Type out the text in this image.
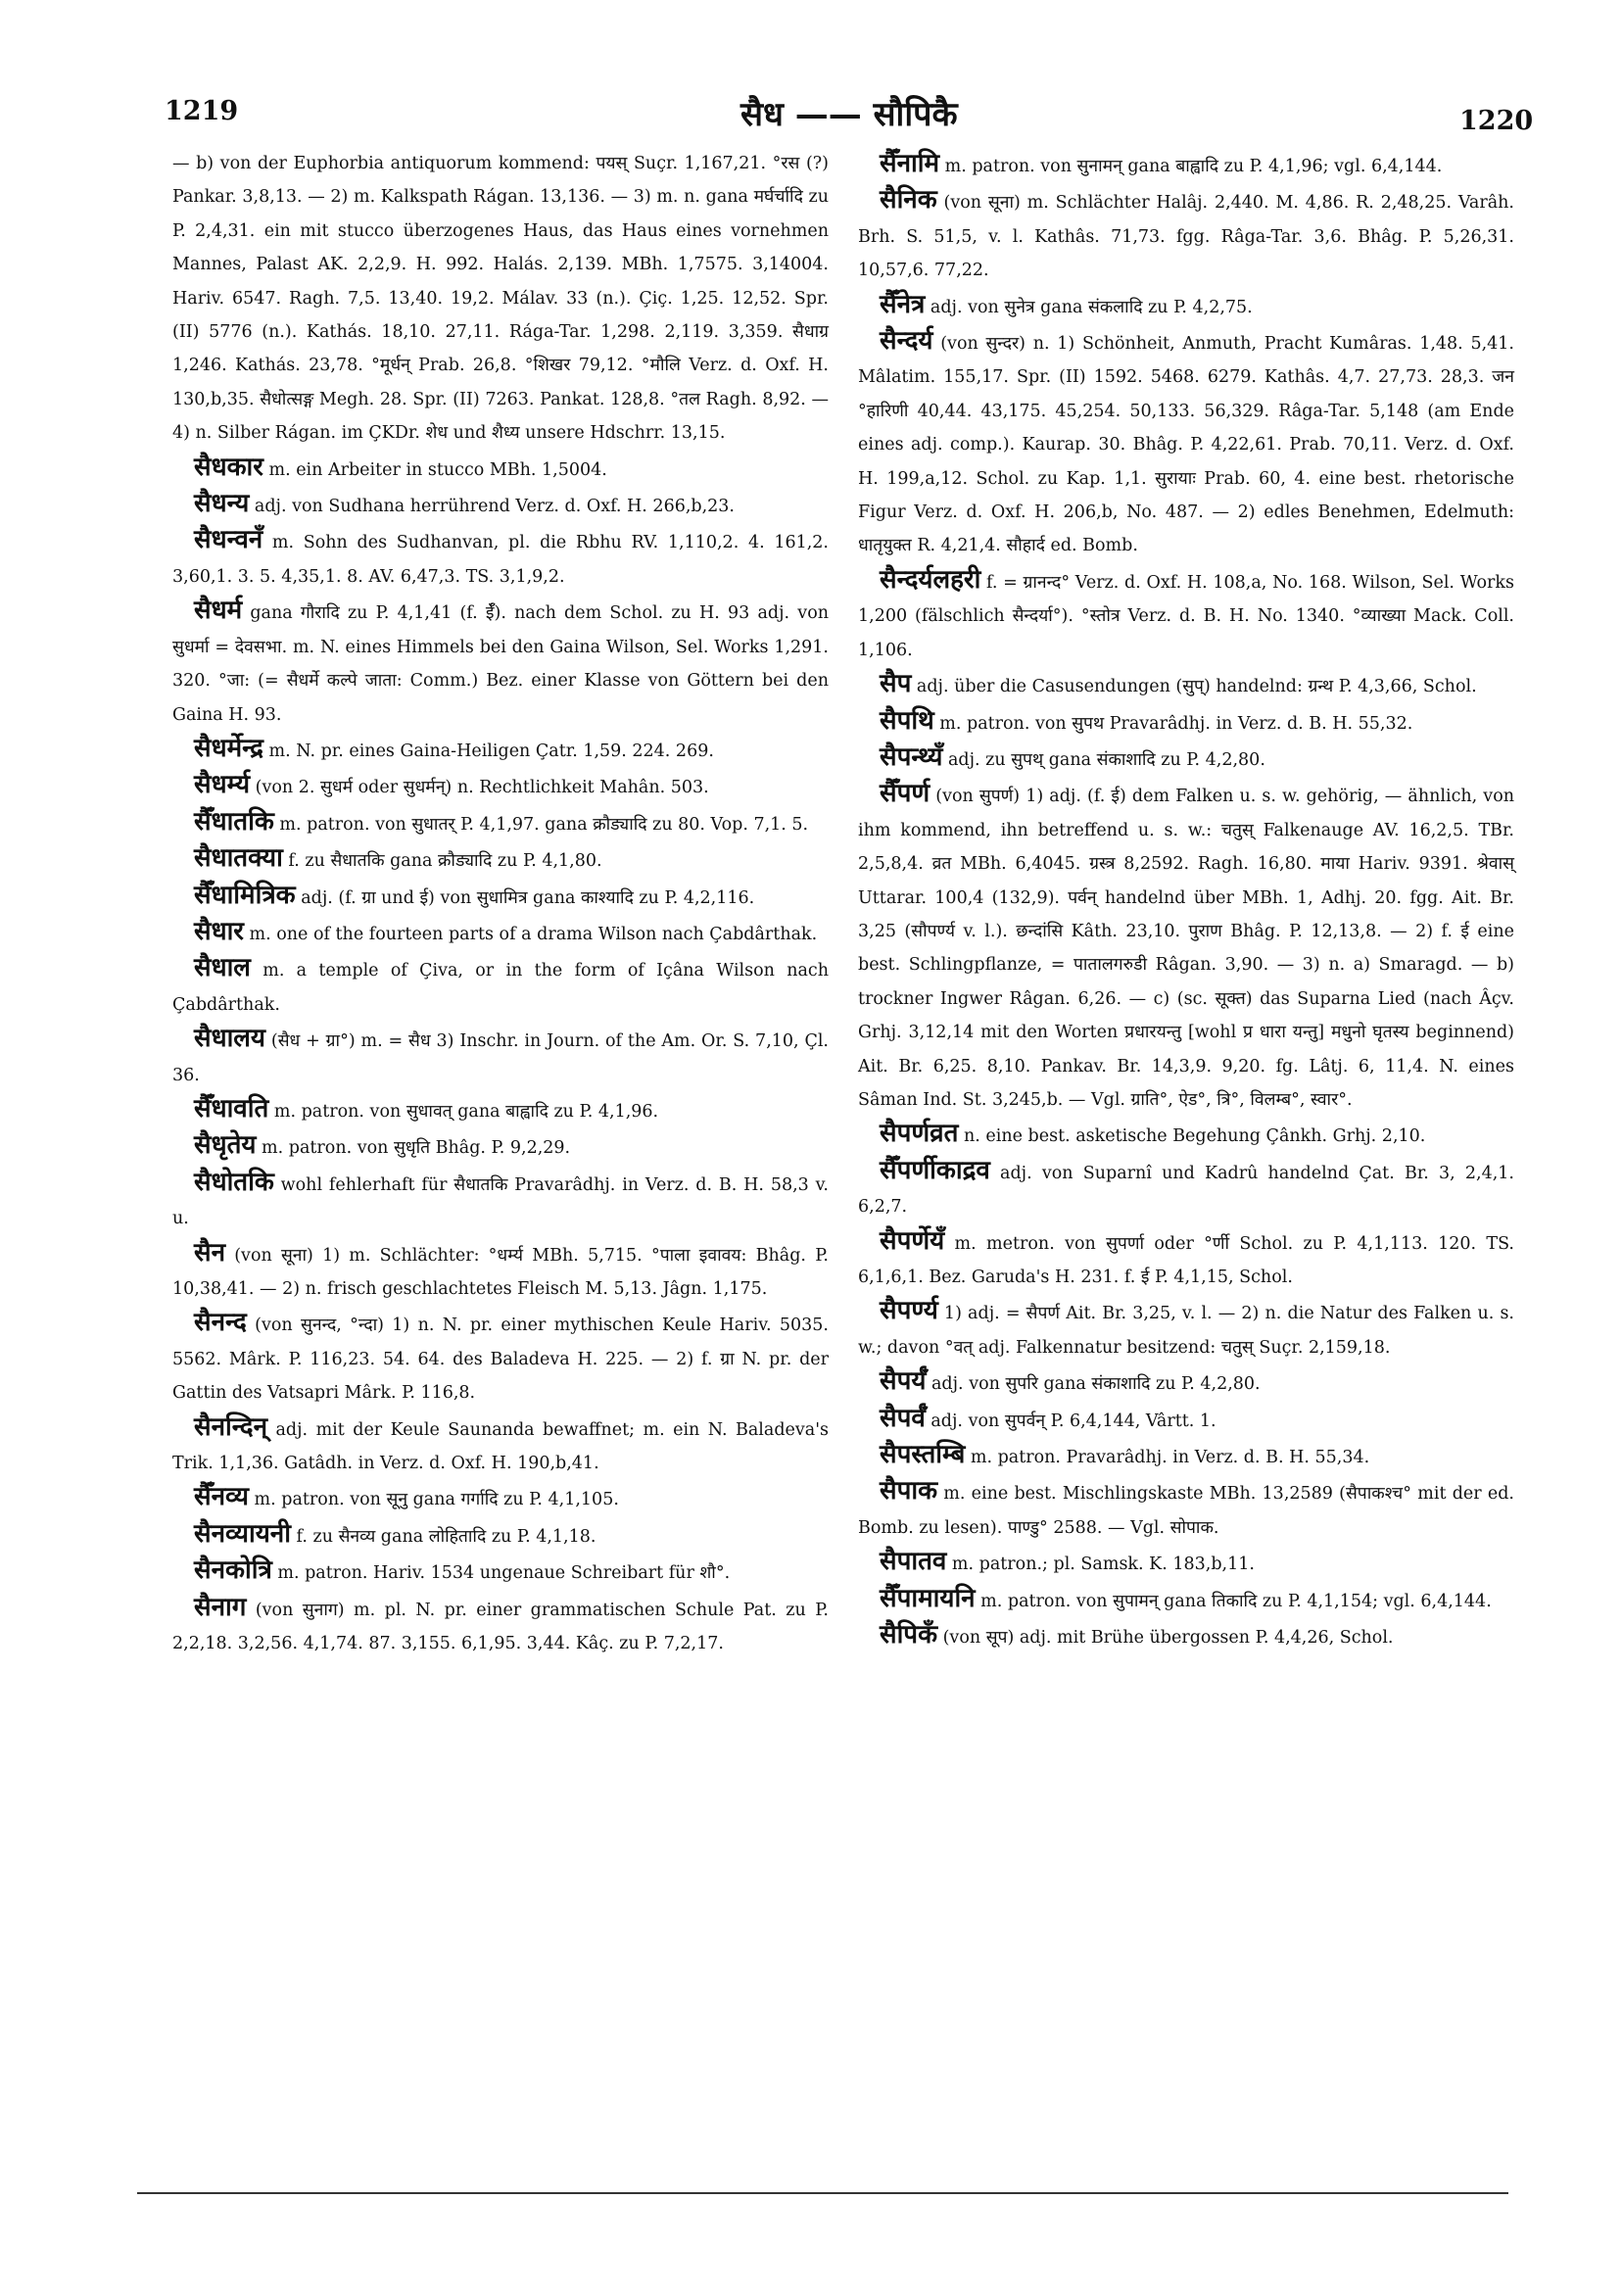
1219	सैध —— सौपिकै	1220

— b) von der Euphorbia antiquorum kommend: पयस् Suçr. 1,167,21. °रस (?) Pankar. 3,8,13. — 2) m. Kalkspath Rágan. 13,136. — 3) m. n. gana मर्घर्चादि zu P. 2,4,31. ein mit stucco überzogenes Haus, das Haus eines vornehmen Mannes, Palast AK. 2,2,9. H. 992. Halás. 2,139. MBh. 1,7575. 3,14004. Hariv. 6547. Ragh. 7,5. 13,40. 19,2. Málav. 33 (n.). Çiç. 1,25. 12,52. Spr. (II) 5776 (n.). Kathás. 18,10. 27,11. Rága-Tar. 1,298. 2,119. 3,359. सैधाग्र 1,246. Kathás. 23,78. °मूर्धन् Prab. 26,8. °शिखर 79,12. °मौलि Verz. d. Oxf. H. 130,b,35. सैधोत्सङ्ग Megh. 28. Spr. (II) 7263. Pankat. 128,8. °तल Ragh. 8,92. — 4) n. Silber Rágan. im ÇKDr. शेध und शैध्य unsere Hdschrr. 13,15.

सैधकार m. ein Arbeiter in stucco MBh. 1,5004.

सैधन्य adj. von Sudhana herrührend Verz. d. Oxf. H. 266,b,23.

सैधन्वनँ m. Sohn des Sudhanvan, pl. die Rbhu RV. 1,110,2. 4. 161,2. 3,60,1. 3. 5. 4,35,1. 8. AV. 6,47,3. TS. 3,1,9,2.

सैधर्म gana गौरादि zu P. 4,1,41 (f. ईँ). nach dem Schol. zu H. 93 adj. von सुधर्मा = देवसभा. m. N. eines Himmels bei den Gaina Wilson, Sel. Works 1,291. 320. °जा: (= सैधर्मे कल्पे जाता: Comm.) Bez. einer Klasse von Göttern bei den Gaina H. 93.

सैधर्मेन्द्र m. N. pr. eines Gaina-Heiligen Çatr. 1,59. 224. 269.

सैधर्म्य (von 2. सुधर्म oder सुधर्मन्) n. Rechtlichkeit Mahân. 503.

सैँधातकि m. patron. von सुधातर् P. 4,1,97. gana क्रौड्यादि zu 80. Vop. 7,1. 5.

सैधातक्या f. zu सैधातकि gana क्रौड्यादि zu P. 4,1,80.

सैँधामित्रिक adj. (f. ग्रा und ई) von सुधामित्र gana काश्यादि zu P. 4,2,116.

सैधार m. one of the fourteen parts of a drama Wilson nach Çabdârthak.

सैधाल m. a temple of Çiva, or in the form of Içâna Wilson nach Çabdârthak.

सैधालय (सैध + ग्रा°) m. = सैध 3) Inschr. in Journ. of the Am. Or. S. 7,10, Çl. 36.

सैँधावति m. patron. von सुधावत् gana बाह्वादि zu P. 4,1,96.

सैधृतेय m. patron. von सुधृति Bhâg. P. 9,2,29.

सैधोतकि wohl fehlerhaft für सैधातकि Pravarâdhj. in Verz. d. B. H. 58,3 v. u.

सैन (von सूना) 1) m. Schlächter: °धर्म्य MBh. 5,715. °पाला इवावय: Bhâg. P. 10,38,41. — 2) n. frisch geschlachtetes Fleisch M. 5,13. Jâgn. 1,175.

सैनन्द (von सुनन्द, °न्दा) 1) n. N. pr. einer mythischen Keule Hariv. 5035. 5562. Mârk. P. 116,23. 54. 64. des Baladeva H. 225. — 2) f. ग्रा N. pr. der Gattin des Vatsapri Mârk. P. 116,8.

सैनन्दिन् adj. mit der Keule Saunanda bewaffnet; m. ein N. Baladeva's Trik. 1,1,36. Gatâdh. in Verz. d. Oxf. H. 190,b,41.

सैँनव्य m. patron. von सूनु gana गर्गादि zu P. 4,1,105.

सैनव्यायनी f. zu सैनव्य gana लोहितादि zu P. 4,1,18.

सैनकोत्रि m. patron. Hariv. 1534 ungenaue Schreibart für शौ°.

सैनाग (von सुनाग) m. pl. N. pr. einer grammatischen Schule Pat. zu P. 2,2,18. 3,2,56. 4,1,74. 87. 3,155. 6,1,95. 3,44. Kâç. zu P. 7,2,17.

सैँनामि m. patron. von सुनामन् gana बाह्वादि zu P. 4,1,96; vgl. 6,4,144.

सैनिक (von सूना) m. Schlächter Halâj. 2,440. M. 4,86. R. 2,48,25. Varâh. Brh. S. 51,5, v. l. Kathâs. 71,73. fgg. Râga-Tar. 3,6. Bhâg. P. 5,26,31. 10,57,6. 77,22.

सैँनेत्र adj. von सुनेत्र gana संकलादि zu P. 4,2,75.

सैन्दर्य (von सुन्दर) n. 1) Schönheit, Anmuth, Pracht Kumâras. 1,48. 5,41. Mâlatim. 155,17. Spr. (II) 1592. 5468. 6279. Kathâs. 4,7. 27,73. 28,3. जन °हारिणी 40,44. 43,175. 45,254. 50,133. 56,329. Râga-Tar. 5,148 (am Ende eines adj. comp.). Kaurap. 30. Bhâg. P. 4,22,61. Prab. 70,11. Verz. d. Oxf. H. 199,a,12. Schol. zu Kap. 1,1. सुरायाः Prab. 60, 4. eine best. rhetorische Figur Verz. d. Oxf. H. 206,b, No. 487. — 2) edles Benehmen, Edelmuth: धातृयुक्त R. 4,21,4. सौहार्द ed. Bomb.

सैन्दर्यलहरी f. = ग्रानन्द° Verz. d. Oxf. H. 108,a, No. 168. Wilson, Sel. Works 1,200 (fälschlich सैन्दर्या°). °स्तोत्र Verz. d. B. H. No. 1340. °व्याख्या Mack. Coll. 1,106.

सैप adj. über die Casusendungen (सुप्) handelnd: ग्रन्थ P. 4,3,66, Schol.

सैपथि m. patron. von सुपथ Pravarâdhj. in Verz. d. B. H. 55,32.

सैपन्थ्यँ adj. zu सुपथ् gana संकाशादि zu P. 4,2,80.

सैँपर्ण (von सुपर्ण) 1) adj. (f. ई) dem Falken u. s. w. gehörig, — ähnlich, von ihm kommend, ihn betreffend u. s. w.: चतुस् Falkenauge AV. 16,2,5. TBr. 2,5,8,4. व्रत MBh. 6,4045. ग्रस्त्र 8,2592. Ragh. 16,80. माया Hariv. 9391. श्रेवास् Uttarar. 100,4 (132,9). पर्वन् handelnd über MBh. 1, Adhj. 20. fgg. Ait. Br. 3,25 (सौपर्ण्य v. l.). छन्दांसि Kâth. 23,10. पुराण Bhâg. P. 12,13,8. — 2) f. ई eine best. Schlingpflanze, = पातालगरुडी Râgan. 3,90. — 3) n. a) Smaragd. — b) trockner Ingwer Râgan. 6,26. — c) (sc. सूक्त) das Suparna Lied (nach Âçv. Grhj. 3,12,14 mit den Worten प्रधारयन्तु [wohl प्र धारा यन्तु] मधुनो घृतस्य beginnend) Ait. Br. 6,25. 8,10. Pankav. Br. 14,3,9. 9,20. fg. Lâtj. 6, 11,4. N. eines Sâman Ind. St. 3,245,b. — Vgl. ग्राति°, ऐड°, त्रि°, विलम्ब°, स्वार°.

सैपर्णव्रत n. eine best. asketische Begehung Çânkh. Grhj. 2,10.

सैँपर्णीकाद्रव adj. von Suparnî und Kadrû handelnd Çat. Br. 3, 2,4,1. 6,2,7.

सैपर्णेयँ m. metron. von सुपर्णा oder °र्णी Schol. zu P. 4,1,113. 120. TS. 6,1,6,1. Bez. Garuda's H. 231. f. ई P. 4,1,15, Schol.

सैपर्ण्य 1) adj. = सैपर्ण Ait. Br. 3,25, v. l. — 2) n. die Natur des Falken u. s. w.; davon °वत् adj. Falkennatur besitzend: चतुस् Suçr. 2,159,18.

सैपर्यँ adj. von सुपरि gana संकाशादि zu P. 4,2,80.

सैपर्वँ adj. von सुपर्वन् P. 6,4,144, Vârtt. 1.

सैपस्तम्बि m. patron. Pravarâdhj. in Verz. d. B. H. 55,34.

सैपाक m. eine best. Mischlingskaste MBh. 13,2589 (सैपाकश्च° mit der ed. Bomb. zu lesen). पाण्डु° 2588. — Vgl. सोपाक.

सैपातव m. patron.; pl. Samsk. K. 183,b,11.

सैँपामायनि m. patron. von सुपामन् gana तिकादि zu P. 4,1,154; vgl. 6,4,144.

सैपिकँ (von सूप) adj. mit Brühe übergossen P. 4,4,26, Schol.
